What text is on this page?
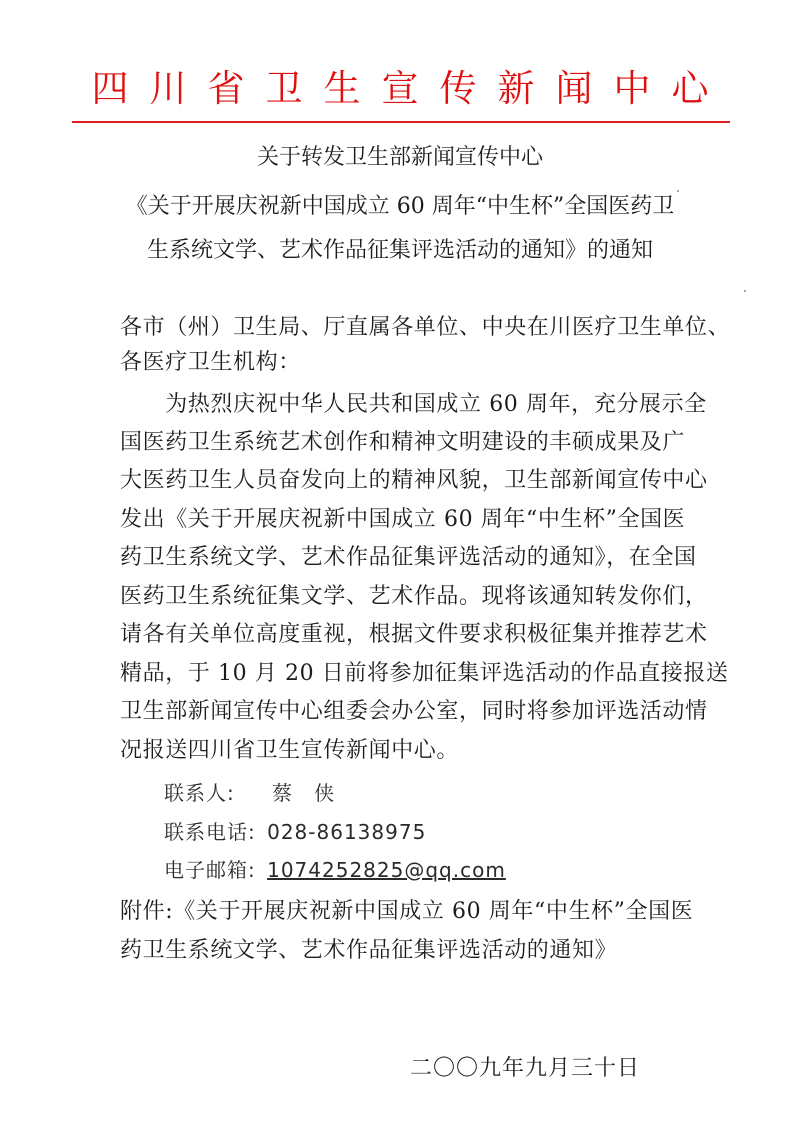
四川省卫生宣传新闻中心
关于转发卫生部新闻宣传中心
《关于开展庆祝新中国成立 60 周年“中生杯”全国医药卫
生系统文学、艺术作品征集评选活动的通知》的通知
各市（州）卫生局、厅直属各单位、中央在川医疗卫生单位、
各医疗卫生机构：
　　为热烈庆祝中华人民共和国成立 60 周年，充分展示全
国医药卫生系统艺术创作和精神文明建设的丰硕成果及广
大医药卫生人员奋发向上的精神风貌，卫生部新闻宣传中心
发出《关于开展庆祝新中国成立 60 周年“中生杯”全国医
药卫生系统文学、艺术作品征集评选活动的通知》，在全国
医药卫生系统征集文学、艺术作品。现将该通知转发你们，
请各有关单位高度重视，根据文件要求积极征集并推荐艺术
精品，于 10 月 20 日前将参加征集评选活动的作品直接报送
卫生部新闻宣传中心组委会办公室，同时将参加评选活动情
况报送四川省卫生宣传新闻中心。
联系人: 蔡　侠
联系电话: 028-86138975
电子邮箱: 1074252825@qq.com
附件:《关于开展庆祝新中国成立 60 周年“中生杯”全国医
药卫生系统文学、艺术作品征集评选活动的通知》
二〇〇九年九月三十日
